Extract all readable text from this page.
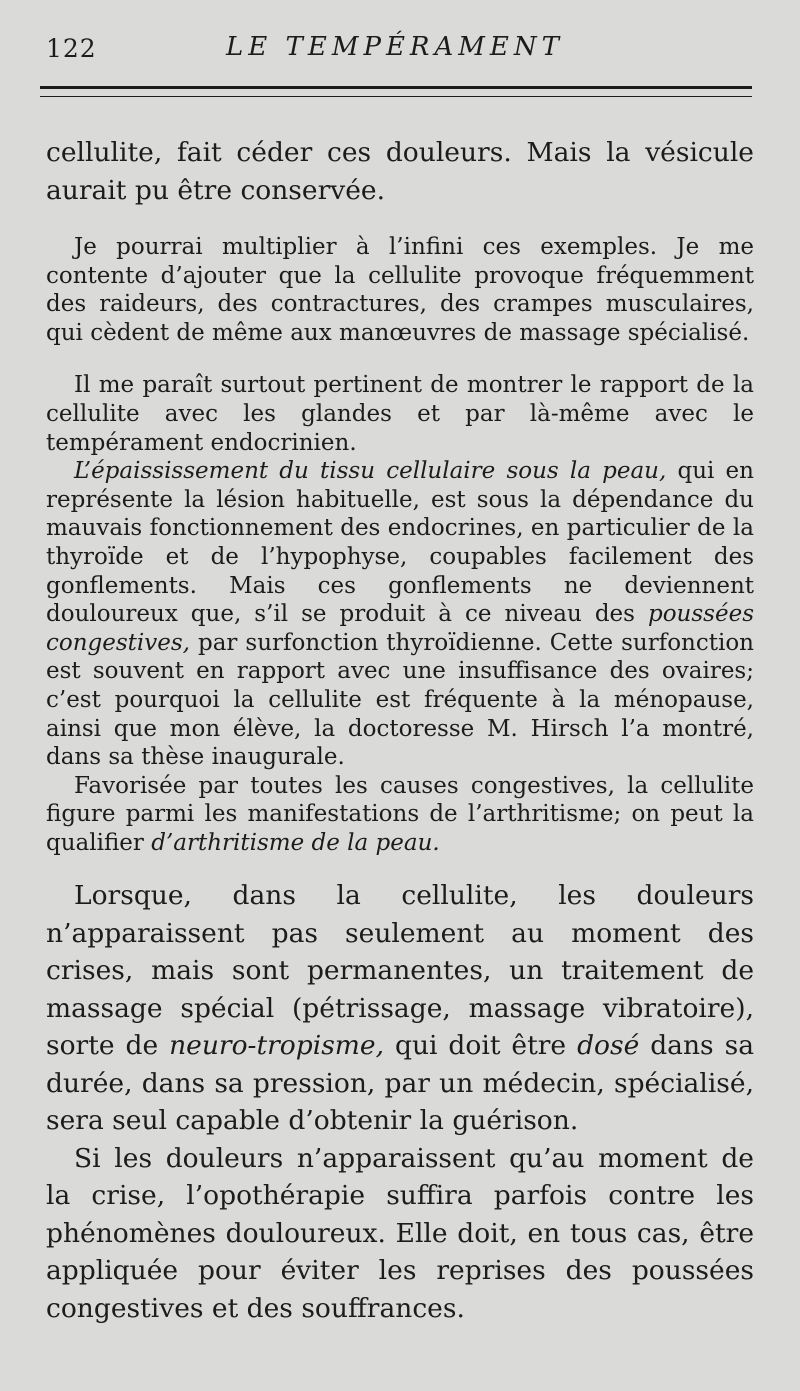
122	LE TEMPÉRAMENT

cellulite, fait céder ces douleurs. Mais la vésicule aurait pu être conservée.

Je pourrai multiplier à l’infini ces exemples. Je me contente d’ajouter que la cellulite provoque fréquemment des raideurs, des contractures, des crampes musculaires, qui cèdent de même aux manœuvres de massage spécialisé.

Il me paraît surtout pertinent de montrer le rapport de la cellulite avec les glandes et par là-même avec le tempérament endocrinien.

L’épaississement du tissu cellulaire sous la peau, qui en représente la lésion habituelle, est sous la dépendance du mauvais fonctionnement des endocrines, en particulier de la thyroïde et de l’hypophyse, coupables facilement des gonflements. Mais ces gonflements ne deviennent douloureux que, s’il se produit à ce niveau des poussées congestives, par surfonction thyroïdienne. Cette surfonction est souvent en rapport avec une insuffisance des ovaires; c’est pourquoi la cellulite est fréquente à la ménopause, ainsi que mon élève, la doctoresse M. Hirsch l’a montré, dans sa thèse inaugurale.

Favorisée par toutes les causes congestives, la cellulite figure parmi les manifestations de l’arthritisme; on peut la qualifier d’arthritisme de la peau.

Lorsque, dans la cellulite, les douleurs n’apparaissent pas seulement au moment des crises, mais sont permanentes, un traitement de massage spécial (pétrissage, massage vibratoire), sorte de neuro-tropisme, qui doit être dosé dans sa durée, dans sa pression, par un médecin, spécialisé, sera seul capable d’obtenir la guérison.

Si les douleurs n’apparaissent qu’au moment de la crise, l’opothérapie suffira parfois contre les phénomènes douloureux. Elle doit, en tous cas, être appliquée pour éviter les reprises des poussées congestives et des souffrances.
